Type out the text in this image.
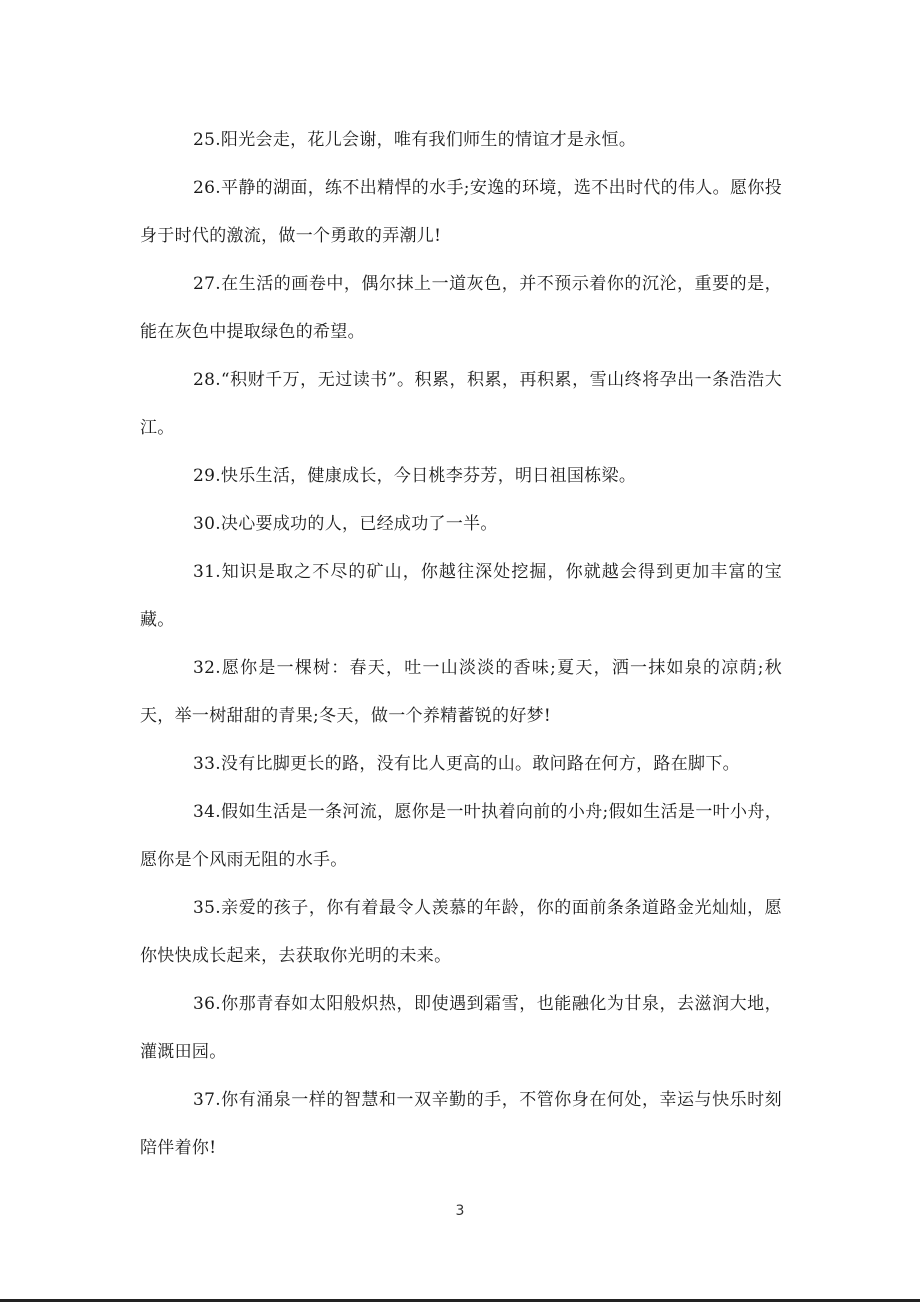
25.阳光会走，花儿会谢，唯有我们师生的情谊才是永恒。

26.平静的湖面，练不出精悍的水手;安逸的环境，选不出时代的伟人。愿你投身于时代的激流，做一个勇敢的弄潮儿!

27.在生活的画卷中，偶尔抹上一道灰色，并不预示着你的沉沦，重要的是，能在灰色中提取绿色的希望。

28.“积财千万，无过读书”。积累，积累，再积累，雪山终将孕出一条浩浩大江。

29.快乐生活，健康成长，今日桃李芬芳，明日祖国栋梁。

30.决心要成功的人，已经成功了一半。

31.知识是取之不尽的矿山，你越往深处挖掘，你就越会得到更加丰富的宝藏。

32.愿你是一棵树：春天，吐一山淡淡的香味;夏天，洒一抹如泉的凉荫;秋天，举一树甜甜的青果;冬天，做一个养精蓄锐的好梦!

33.没有比脚更长的路，没有比人更高的山。敢问路在何方，路在脚下。

34.假如生活是一条河流，愿你是一叶执着向前的小舟;假如生活是一叶小舟，愿你是个风雨无阻的水手。

35.亲爱的孩子，你有着最令人羡慕的年龄，你的面前条条道路金光灿灿，愿你快快成长起来，去获取你光明的未来。

36.你那青春如太阳般炽热，即使遇到霜雪，也能融化为甘泉，去滋润大地，灌溉田园。

37.你有涌泉一样的智慧和一双辛勤的手，不管你身在何处，幸运与快乐时刻陪伴着你!

3
